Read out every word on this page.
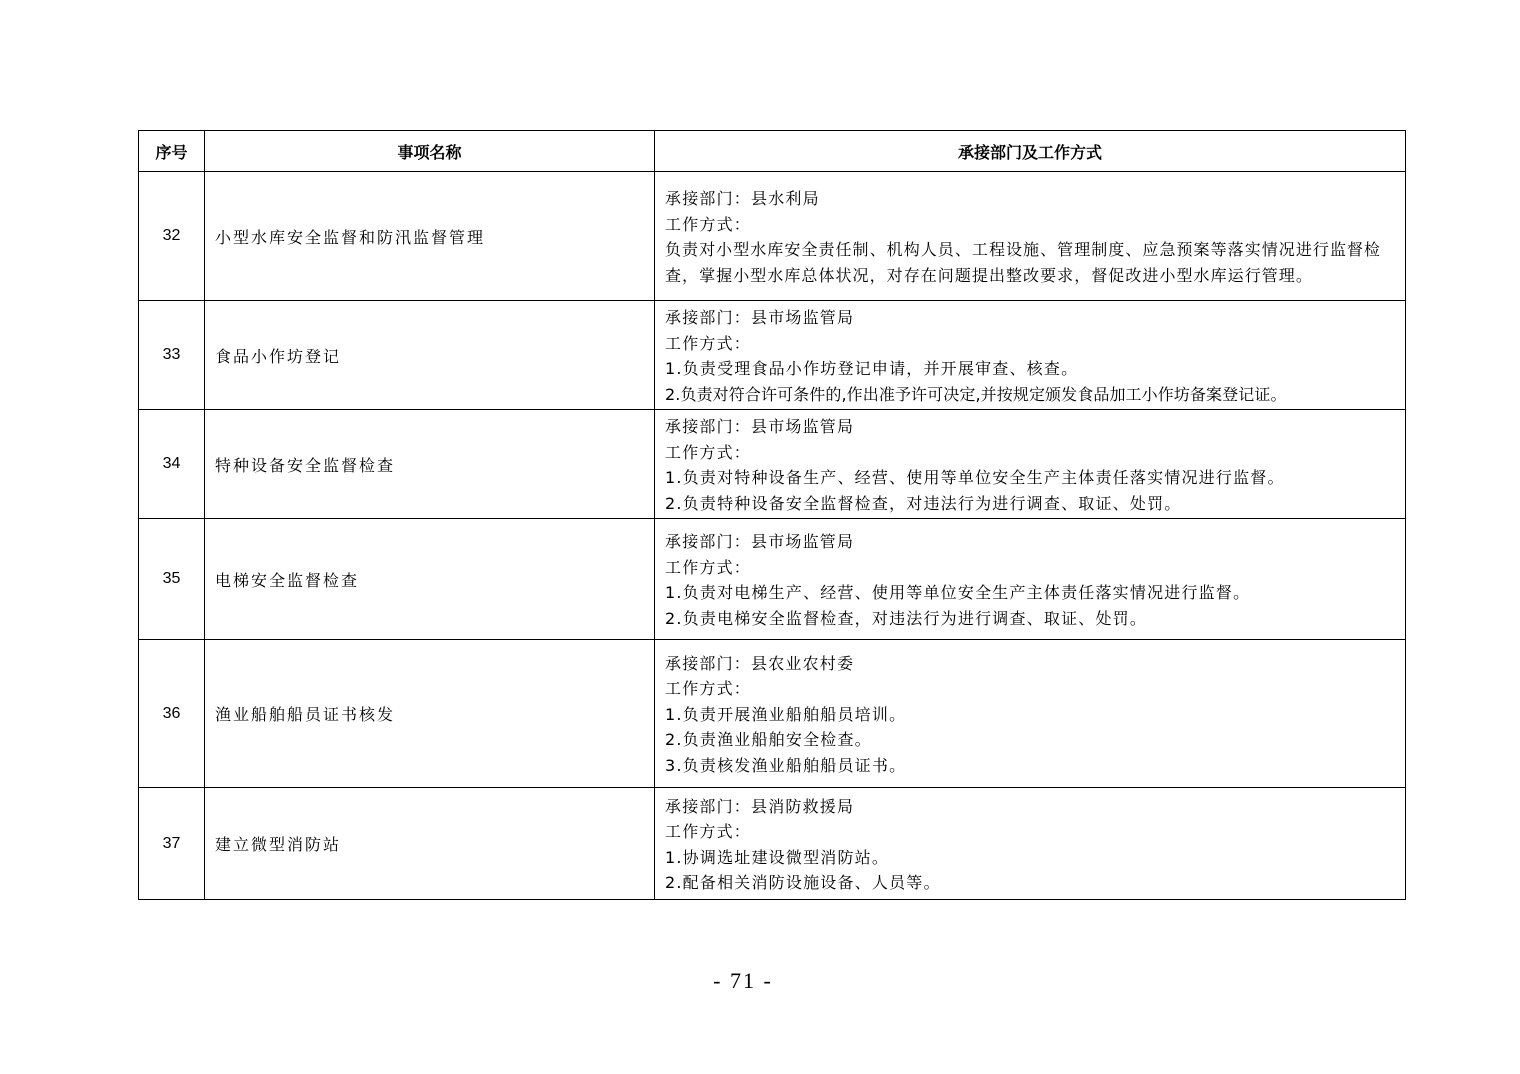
序号	事项名称	承接部门及工作方式
32	小型水库安全监督和防汛监督管理	承接部门：县水利局
工作方式：
负责对小型水库安全责任制、机构人员、工程设施、管理制度、应急预案等落实情况进行监督检查，掌握小型水库总体状况，对存在问题提出整改要求，督促改进小型水库运行管理。

33	食品小作坊登记	承接部门：县市场监管局
工作方式：
1.负责受理食品小作坊登记申请，并开展审查、核查。
2.负责对符合许可条件的,作出准予许可决定,并按规定颁发食品加工小作坊备案登记证。

34	特种设备安全监督检查	承接部门：县市场监管局
工作方式：
1.负责对特种设备生产、经营、使用等单位安全生产主体责任落实情况进行监督。
2.负责特种设备安全监督检查，对违法行为进行调查、取证、处罚。

35	电梯安全监督检查	承接部门：县市场监管局
工作方式：
1.负责对电梯生产、经营、使用等单位安全生产主体责任落实情况进行监督。
2.负责电梯安全监督检查，对违法行为进行调查、取证、处罚。

36	渔业船舶船员证书核发	承接部门：县农业农村委
工作方式：
1.负责开展渔业船舶船员培训。
2.负责渔业船舶安全检查。
3.负责核发渔业船舶船员证书。

37	建立微型消防站	承接部门：县消防救援局
工作方式：
1.协调选址建设微型消防站。
2.配备相关消防设施设备、人员等。
- 71 -
